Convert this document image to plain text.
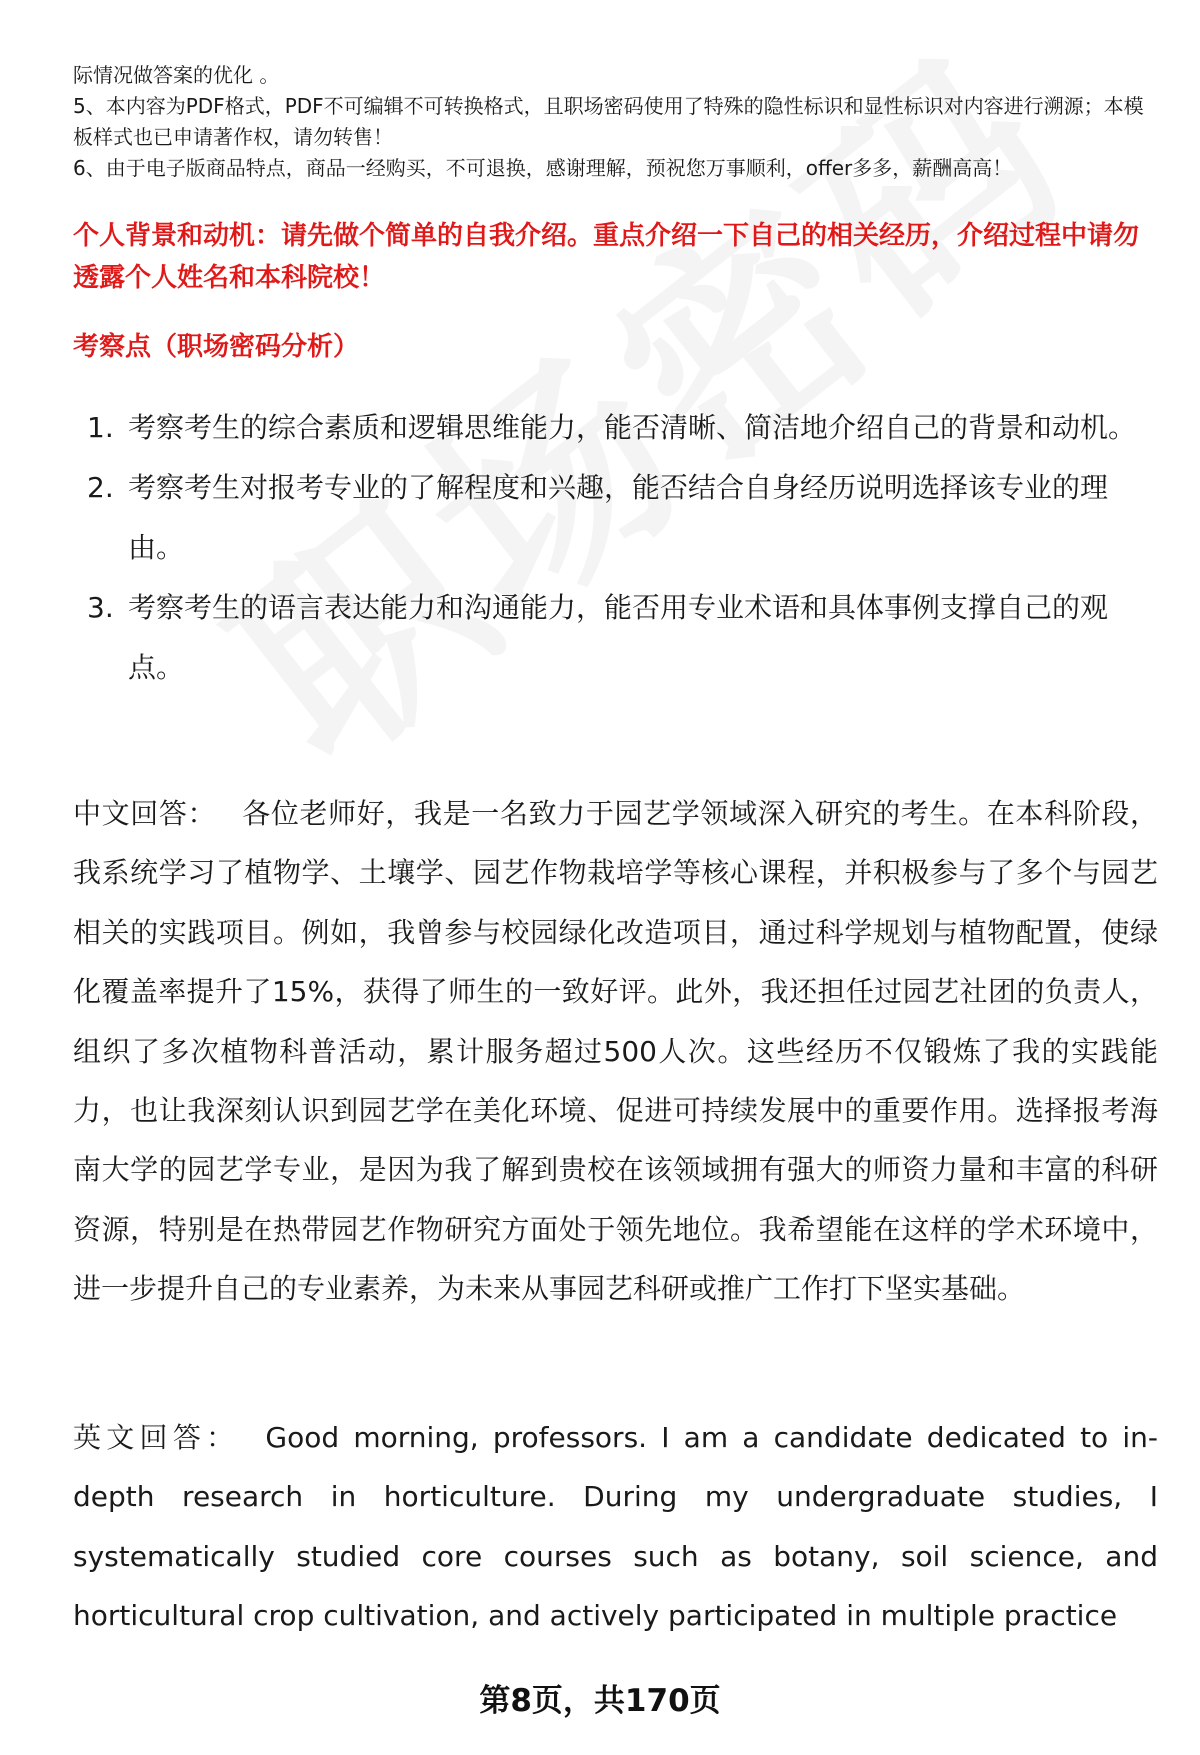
际情况做答案的优化 。

5、本内容为PDF格式，PDF不可编辑不可转换格式，且职场密码使用了特殊的隐性标识和显性标识对内容进行溯源；本模板样式也已申请著作权，请勿转售！

6、由于电子版商品特点，商品一经购买，不可退换，感谢理解，预祝您万事顺利，offer多多，薪酬高高！

个人背景和动机：请先做个简单的自我介绍。重点介绍一下自己的相关经历，介绍过程中请勿透露个人姓名和本科院校！
考察点（职场密码分析）
1. 考察考生的综合素质和逻辑思维能力，能否清晰、简洁地介绍自己的背景和动机。
2. 考察考生对报考专业的了解程度和兴趣，能否结合自身经历说明选择该专业的理由。
3. 考察考生的语言表达能力和沟通能力，能否用专业术语和具体事例支撑自己的观点。

中文回答： 各位老师好，我是一名致力于园艺学领域深入研究的考生。在本科阶段，我系统学习了植物学、土壤学、园艺作物栽培学等核心课程，并积极参与了多个与园艺相关的实践项目。例如，我曾参与校园绿化改造项目，通过科学规划与植物配置，使绿化覆盖率提升了15%，获得了师生的一致好评。此外，我还担任过园艺社团的负责人，组织了多次植物科普活动，累计服务超过500人次。这些经历不仅锻炼了我的实践能力，也让我深刻认识到园艺学在美化环境、促进可持续发展中的重要作用。选择报考海南大学的园艺学专业，是因为我了解到贵校在该领域拥有强大的师资力量和丰富的科研资源，特别是在热带园艺作物研究方面处于领先地位。我希望能在这样的学术环境中，进一步提升自己的专业素养，为未来从事园艺科研或推广工作打下坚实基础。

英文回答： Good morning, professors. I am a candidate dedicated to in-depth research in horticulture. During my undergraduate studies, I systematically studied core courses such as botany, soil science, and horticultural crop cultivation, and actively participated in multiple practice

第8页，共170页
